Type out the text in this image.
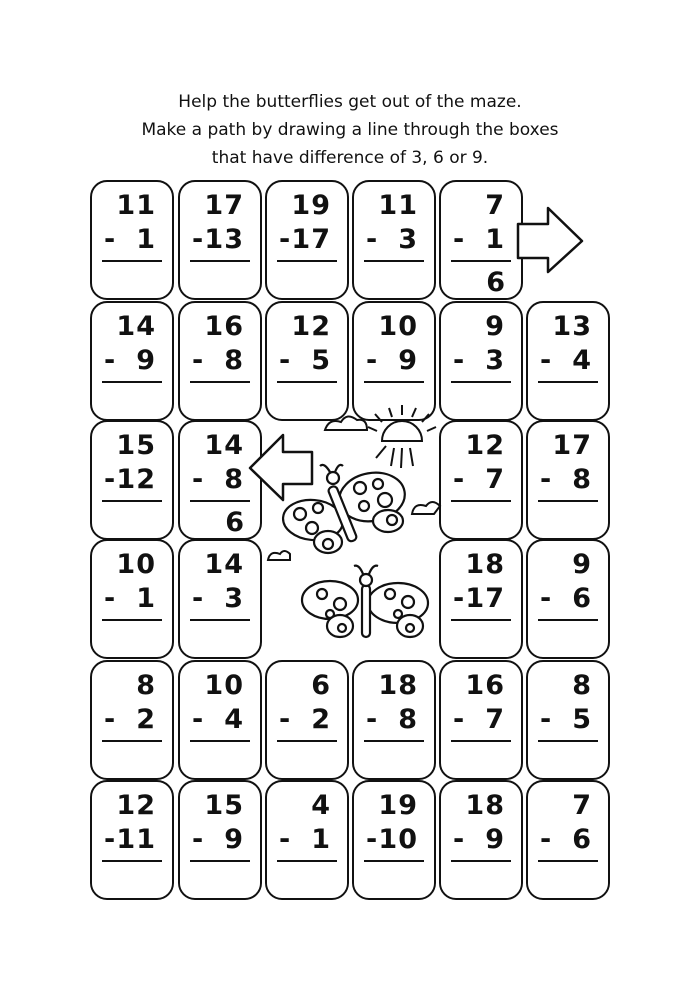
Help the butterflies get out of the maze.
Make a path by drawing a line through the boxes
that have difference of 3, 6 or 9.
11
- 1
17
- 13
19
- 17
11
- 3
7
- 1
6
14
- 9
16
- 8
12
- 5
10
- 9
9
- 3
13
- 4
15
- 12
14
- 8
6
12
- 7
17
- 8
10
- 1
14
- 3
18
- 17
9
- 6
8
- 2
10
- 4
6
- 2
18
- 8
16
- 7
8
- 5
12
- 11
15
- 9
4
- 1
19
- 10
18
- 9
7
- 6
